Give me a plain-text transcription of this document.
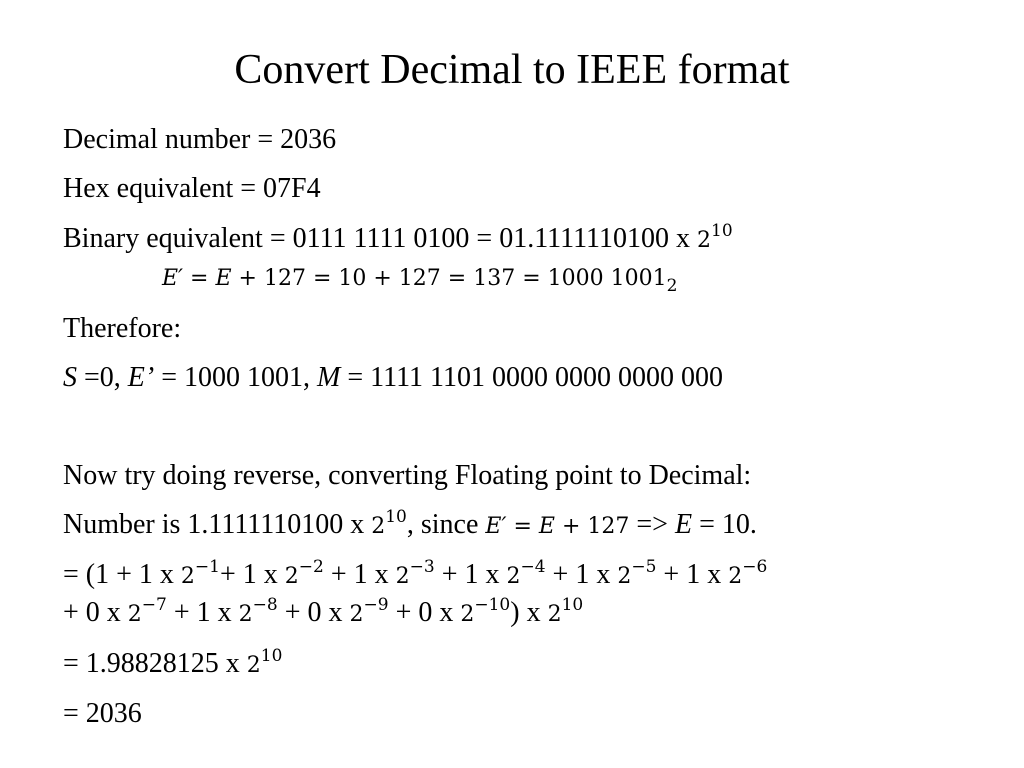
Convert Decimal to IEEE format
Decimal number = 2036
Hex equivalent = 07F4
Binary equivalent = 0111 1111 0100 = 01.1111110100 x $2^{10}$
E′ = E + 127 = 10 + 127 = 137 = 1000 $1001_2$
Therefore:
S =0, E’ = 1000 1001, M = 1111 1101 0000 0000 0000 000
Now try doing reverse, converting Floating point to Decimal:
Number is 1.1111110100 x $2^{10}$, since E′ = E + 127 => E = 10.
= (1 + 1 x $2^{-1}+ 1$ x $2^{-2} + 1$ x $2^{-3} + 1$ x $2^{-4} + 1$ x $2^{-5} + 1$ x $2^{-6}$
+ 0 x $2^{-7} + 1$ x $2^{-8} + 0$ x $2^{-9} + 0$ x $2^{-10}$) x $2^{10}$
= 1.98828125 x $2^{10}$
= 2036
